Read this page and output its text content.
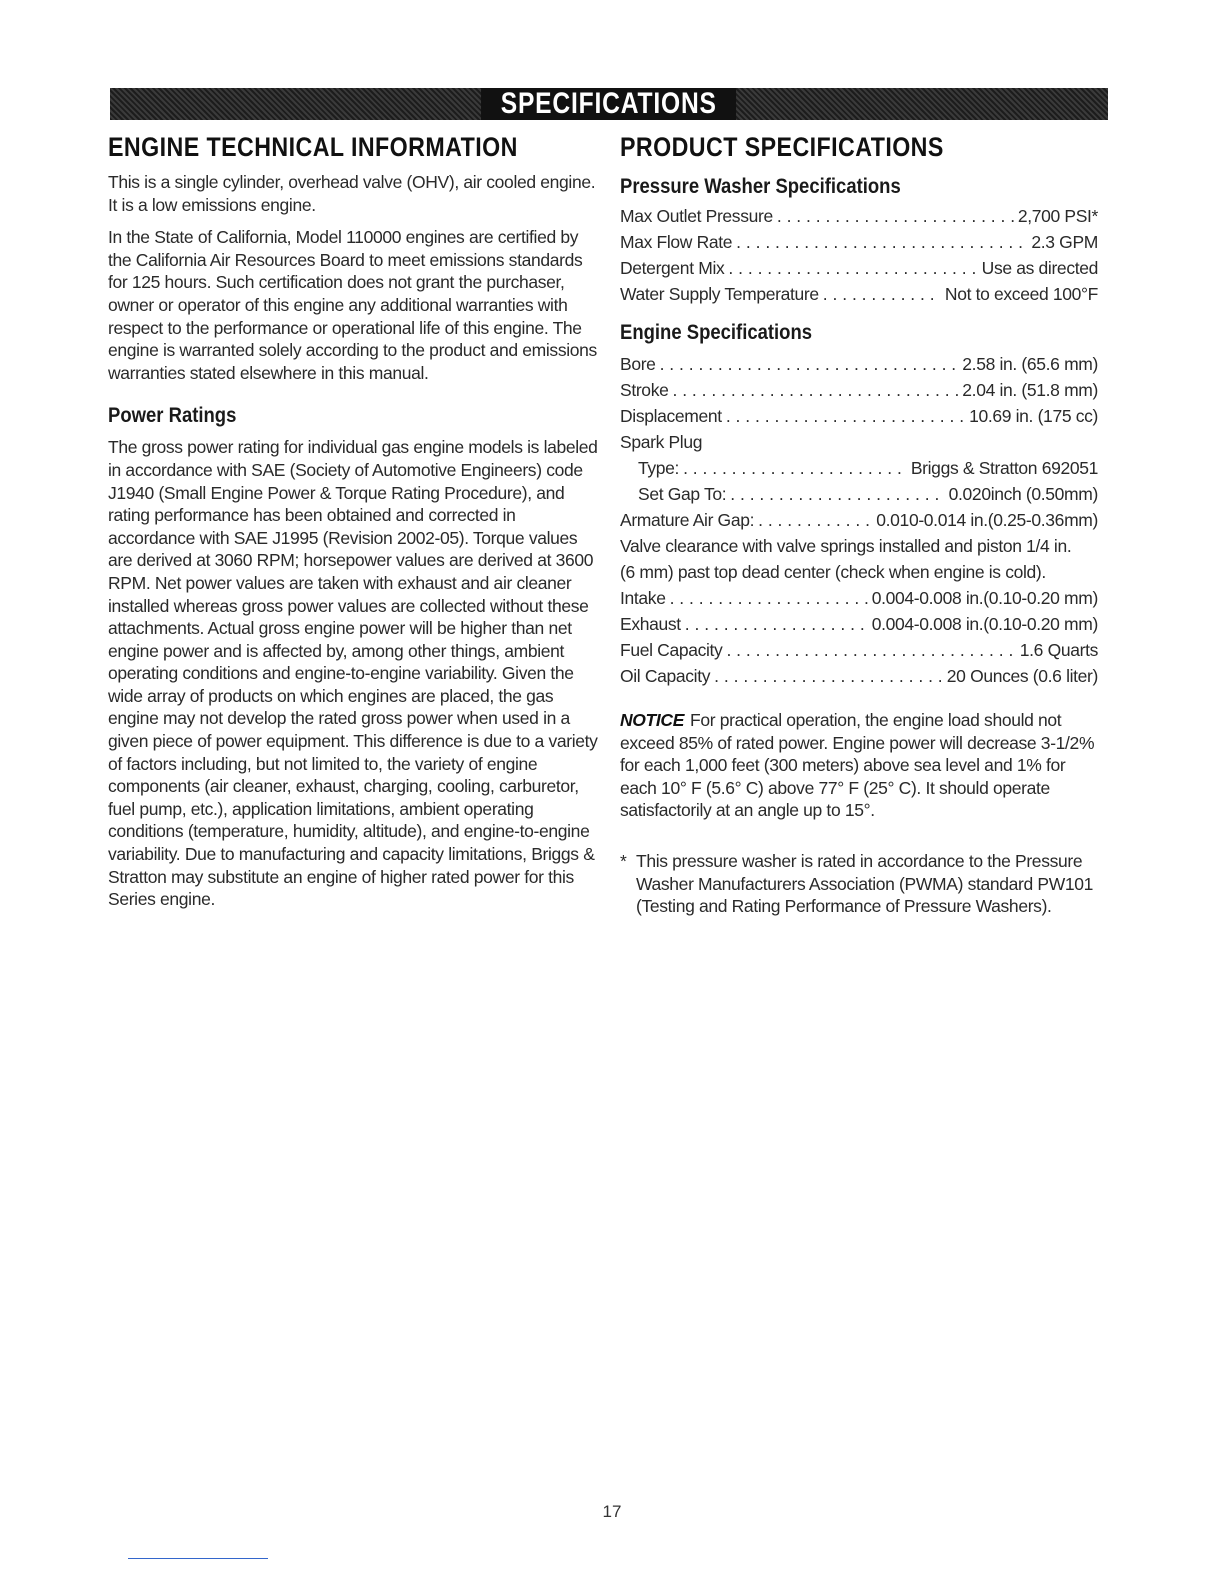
SPECIFICATIONS
ENGINE TECHNICAL INFORMATION

This is a single cylinder, overhead valve (OHV), air cooled engine. It is a low emissions engine.

In the State of California, Model 110000 engines are certified by the California Air Resources Board to meet emissions standards for 125 hours. Such certification does not grant the purchaser, owner or operator of this engine any additional warranties with respect to the performance or operational life of this engine. The engine is warranted solely according to the product and emissions warranties stated elsewhere in this manual.

Power Ratings

The gross power rating for individual gas engine models is labeled in accordance with SAE (Society of Automotive Engineers) code J1940 (Small Engine Power & Torque Rating Procedure), and rating performance has been obtained and corrected in accordance with SAE J1995 (Revision 2002-05). Torque values are derived at 3060 RPM; horsepower values are derived at 3600 RPM. Net power values are taken with exhaust and air cleaner installed whereas gross power values are collected without these attachments. Actual gross engine power will be higher than net engine power and is affected by, among other things, ambient operating conditions and engine-to-engine variability. Given the wide array of products on which engines are placed, the gas engine may not develop the rated gross power when used in a given piece of power equipment. This difference is due to a variety of factors including, but not limited to, the variety of engine components (air cleaner, exhaust, charging, cooling, carburetor, fuel pump, etc.), application limitations, ambient operating conditions (temperature, humidity, altitude), and engine-to-engine variability. Due to manufacturing and capacity limitations, Briggs & Stratton may substitute an engine of higher rated power for this Series engine.

PRODUCT SPECIFICATIONS
Pressure Washer Specifications
Max Outlet Pressure . . .	2,700 PSI*
Max Flow Rate . . .	2.3 GPM
Detergent Mix . . .	Use as directed
Water Supply Temperature . . .	Not to exceed 100°F
Engine Specifications
Bore . . .	2.58 in. (65.6 mm)
Stroke . . .	2.04 in. (51.8 mm)
Displacement . . .	10.69 in. (175 cc)
Spark Plug
Type: . . .	Briggs & Stratton 692051
Set Gap To: . . .	0.020inch (0.50mm)
Armature Air Gap: . . .	0.010-0.014 in.(0.25-0.36mm)
Valve clearance with valve springs installed and piston 1/4 in.
(6 mm) past top dead center (check when engine is cold).
Intake . . .	0.004-0.008 in.(0.10-0.20 mm)
Exhaust . . .	0.004-0.008 in.(0.10-0.20 mm)
Fuel Capacity . . .	1.6 Quarts
Oil Capacity . . .	20 Ounces (0.6 liter)
NOTICE For practical operation, the engine load should not exceed 85% of rated power. Engine power will decrease 3-1/2% for each 1,000 feet (300 meters) above sea level and 1% for each 10° F (5.6° C) above 77° F (25° C). It should operate satisfactorily at an angle up to 15°.
* This pressure washer is rated in accordance to the Pressure Washer Manufacturers Association (PWMA) standard PW101 (Testing and Rating Performance of Pressure Washers).
17
